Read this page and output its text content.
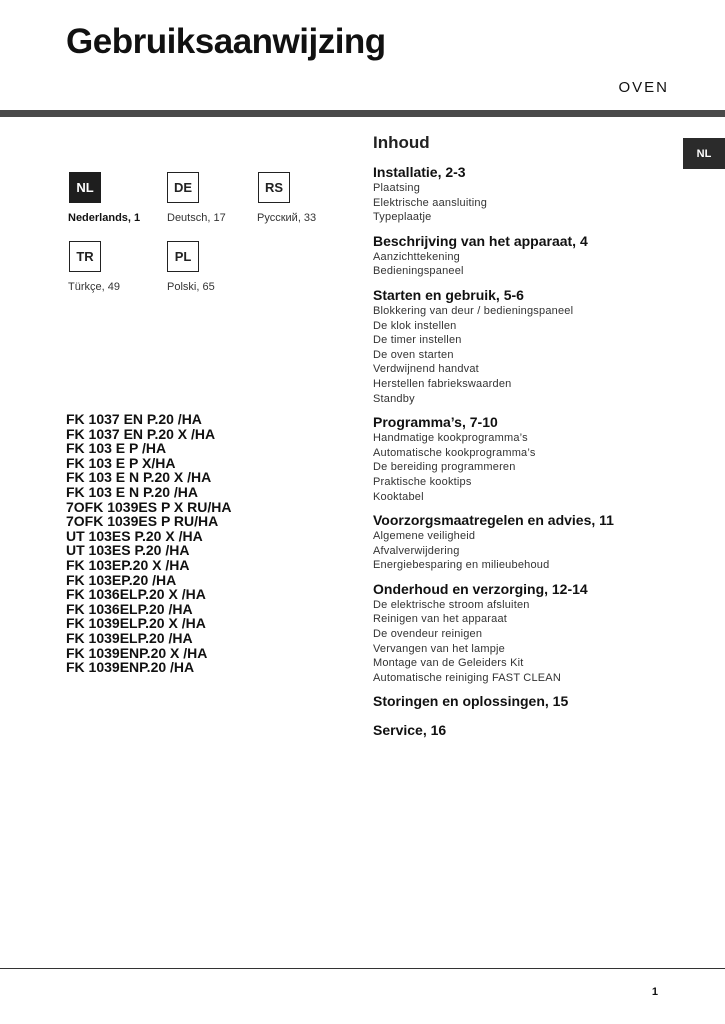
Gebruiksaanwijzing
OVEN
NL
NL
Nederlands, 1
DE
Deutsch, 17
RS
Русский, 33
TR
Türkçe, 49
PL
Polski, 65
FK 1037 EN P.20 /HA
FK 1037 EN P.20 X /HA
FK 103 E P /HA
FK 103 E P X/HA
FK 103 E N P.20 X /HA
FK 103 E N P.20 /HA
7OFK 1039ES P X RU/HA
7OFK 1039ES P RU/HA
UT 103ES P.20 X /HA
UT 103ES P.20 /HA
FK 103EP.20 X /HA
FK 103EP.20 /HA
FK 1036ELP.20 X /HA
FK 1036ELP.20 /HA
FK 1039ELP.20 X /HA
FK 1039ELP.20 /HA
FK 1039ENP.20 X /HA
FK 1039ENP.20 /HA
Inhoud
Installatie, 2-3
Plaatsing
Elektrische aansluiting
Typeplaatje
Beschrijving van het apparaat, 4
Aanzichttekening
Bedieningspaneel
Starten en gebruik, 5-6
Blokkering van deur / bedieningspaneel
De klok instellen
De timer instellen
De oven starten
Verdwijnend handvat
Herstellen fabriekswaarden
Standby
Programma’s, 7-10
Handmatige kookprogramma’s
Automatische kookprogramma’s
De bereiding programmeren
Praktische kooktips
Kooktabel
Voorzorgsmaatregelen en advies, 11
Algemene veiligheid
Afvalverwijdering
Energiebesparing en milieubehoud
Onderhoud en verzorging, 12-14
De elektrische stroom afsluiten
Reinigen van het apparaat
De ovendeur reinigen
Vervangen van het lampje
Montage van de Geleiders Kit
Automatische reiniging FAST CLEAN
Storingen en oplossingen, 15
Service, 16
1
